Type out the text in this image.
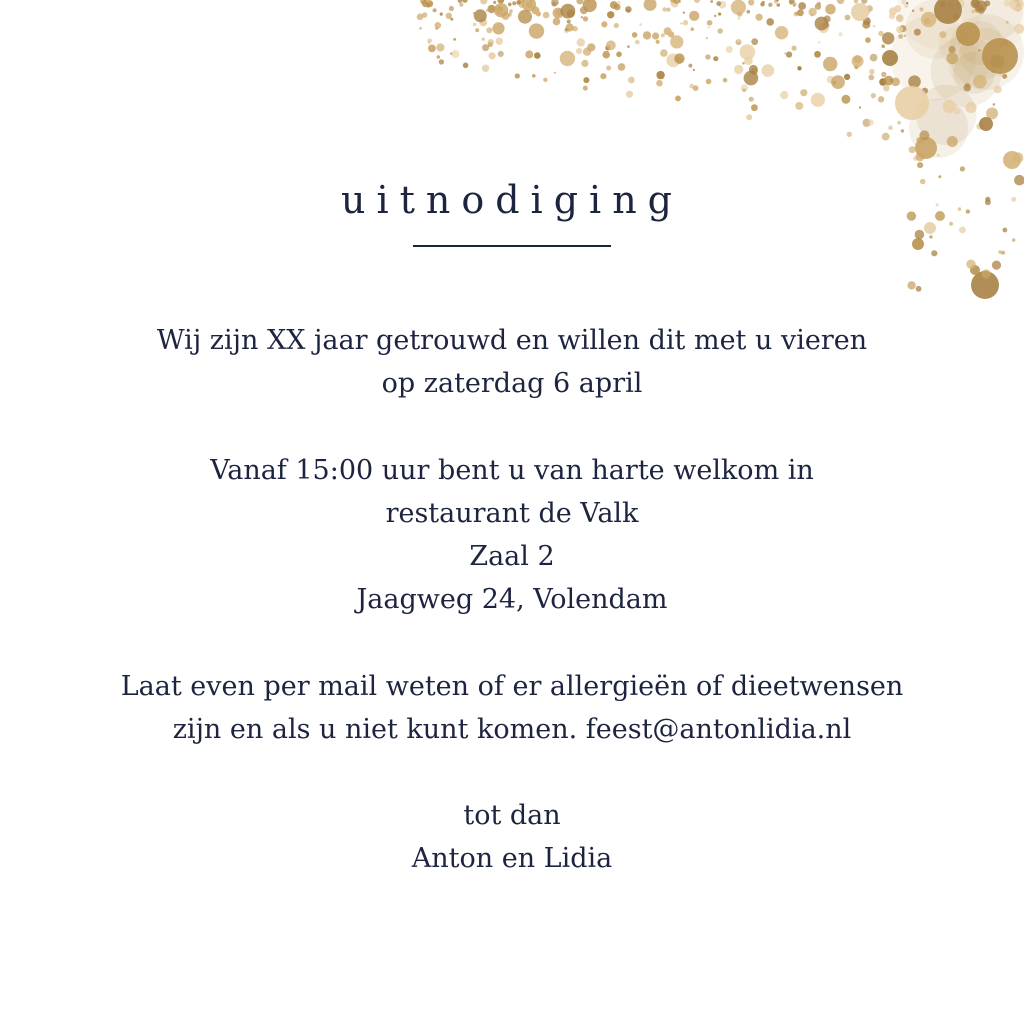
uitnodiging
Wij zijn XX jaar getrouwd en willen dit met u vieren
op zaterdag 6 april
Vanaf 15:00 uur bent u van harte welkom in
restaurant de Valk
Zaal 2
Jaagweg 24, Volendam
Laat even per mail weten of er allergieën of dieetwensen
zijn en als u niet kunt komen. feest@antonlidia.nl
tot dan
Anton en Lidia
